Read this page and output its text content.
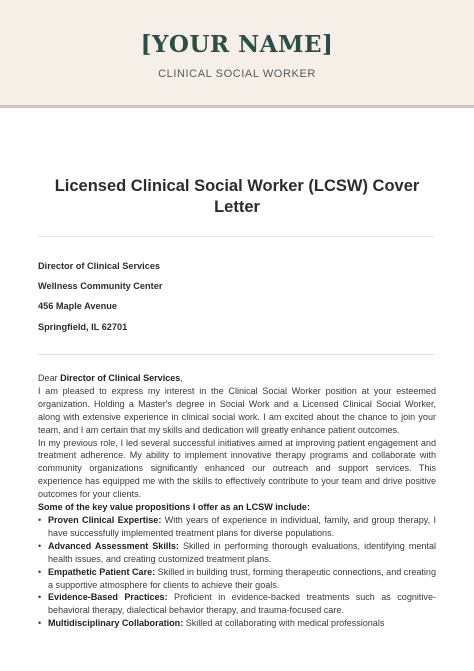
[YOUR NAME]
CLINICAL SOCIAL WORKER
Licensed Clinical Social Worker (LCSW) Cover Letter
Director of Clinical Services
Wellness Community Center
456 Maple Avenue
Springfield, IL 62701

Dear Director of Clinical Services,

I am pleased to express my interest in the Clinical Social Worker position at your esteemed organization. Holding a Master's degree in Social Work and a Licensed Clinical Social Worker, along with extensive experience in clinical social work. I am excited about the chance to join your team, and I am certain that my skills and dedication will greatly enhance patient outcomes.

In my previous role, I led several successful initiatives aimed at improving patient engagement and treatment adherence. My ability to implement innovative therapy programs and collaborate with community organizations significantly enhanced our outreach and support services. This experience has equipped me with the skills to effectively contribute to your team and drive positive outcomes for your clients.

Some of the key value propositions I offer as an LCSW include:

• Proven Clinical Expertise: With years of experience in individual, family, and group therapy, I have successfully implemented treatment plans for diverse populations.
• Advanced Assessment Skills: Skilled in performing thorough evaluations, identifying mental health issues, and creating customized treatment plans.
• Empathetic Patient Care: Skilled in building trust, forming therapeutic connections, and creating a supportive atmosphere for clients to achieve their goals.
• Evidence-Based Practices: Proficient in evidence-backed treatments such as cognitive-behavioral therapy, dialectical behavior therapy, and trauma-focused care.
• Multidisciplinary Collaboration: Skilled at collaborating with medical professionals
